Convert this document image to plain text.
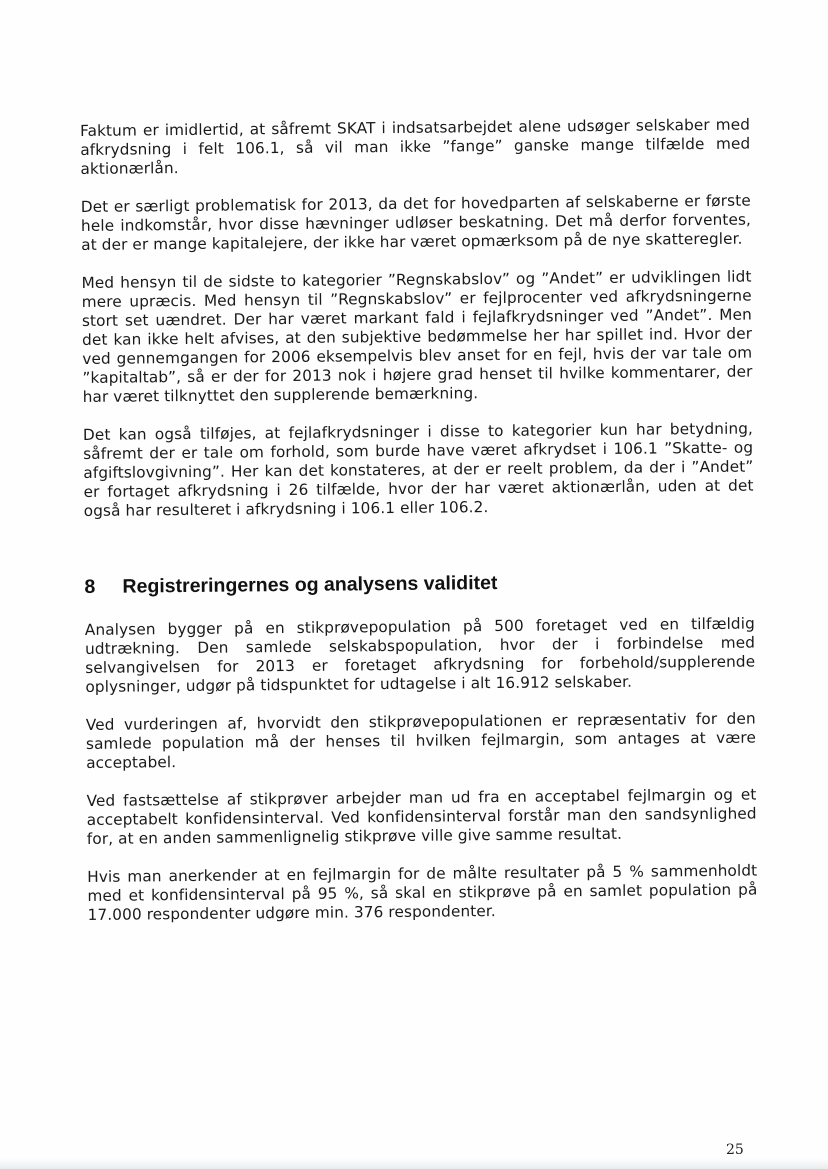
Faktum er imidlertid, at såfremt SKAT i indsatsarbejdet alene udsøger selskaber med afkrydsning i felt 106.1, så vil man ikke ”fange” ganske mange tilfælde med aktionærlån.

Det er særligt problematisk for 2013, da det for hovedparten af selskaberne er første hele indkomstår, hvor disse hævninger udløser beskatning. Det må derfor forventes, at der er mange kapitalejere, der ikke har været opmærksom på de nye skatteregler.

Med hensyn til de sidste to kategorier ”Regnskabslov” og ”Andet” er udviklingen lidt mere upræcis. Med hensyn til ”Regnskabslov” er fejlprocenter ved afkrydsningerne stort set uændret. Der har været markant fald i fejlafkrydsninger ved ”Andet”. Men det kan ikke helt afvises, at den subjektive bedømmelse her har spillet ind. Hvor der ved gennemgangen for 2006 eksempelvis blev anset for en fejl, hvis der var tale om ”kapitaltab”, så er der for 2013 nok i højere grad henset til hvilke kommentarer, der har været tilknyttet den supplerende bemærkning.

Det kan også tilføjes, at fejlafkrydsninger i disse to kategorier kun har betydning, såfremt der er tale om forhold, som burde have været afkrydset i 106.1 ”Skatte- og afgiftslovgivning”. Her kan det konstateres, at der er reelt problem, da der i ”Andet” er fortaget afkrydsning i 26 tilfælde, hvor der har været aktionærlån, uden at det også har resulteret i afkrydsning i 106.1 eller 106.2.

8 Registreringernes og analysens validitet

Analysen bygger på en stikprøvepopulation på 500 foretaget ved en tilfældig udtrækning. Den samlede selskabspopulation, hvor der i forbindelse med selvangivelsen for 2013 er foretaget afkrydsning for forbehold/supplerende oplysninger, udgør på tidspunktet for udtagelse i alt 16.912 selskaber.

Ved vurderingen af, hvorvidt den stikprøvepopulationen er repræsentativ for den samlede population må der henses til hvilken fejlmargin, som antages at være acceptabel.

Ved fastsættelse af stikprøver arbejder man ud fra en acceptabel fejlmargin og et acceptabelt konfidensinterval. Ved konfidensinterval forstår man den sandsynlighed for, at en anden sammenlignelig stikprøve ville give samme resultat.

Hvis man anerkender at en fejlmargin for de målte resultater på 5 % sammenholdt med et konfidensinterval på 95 %, så skal en stikprøve på en samlet population på 17.000 respondenter udgøre min. 376 respondenter.

25
